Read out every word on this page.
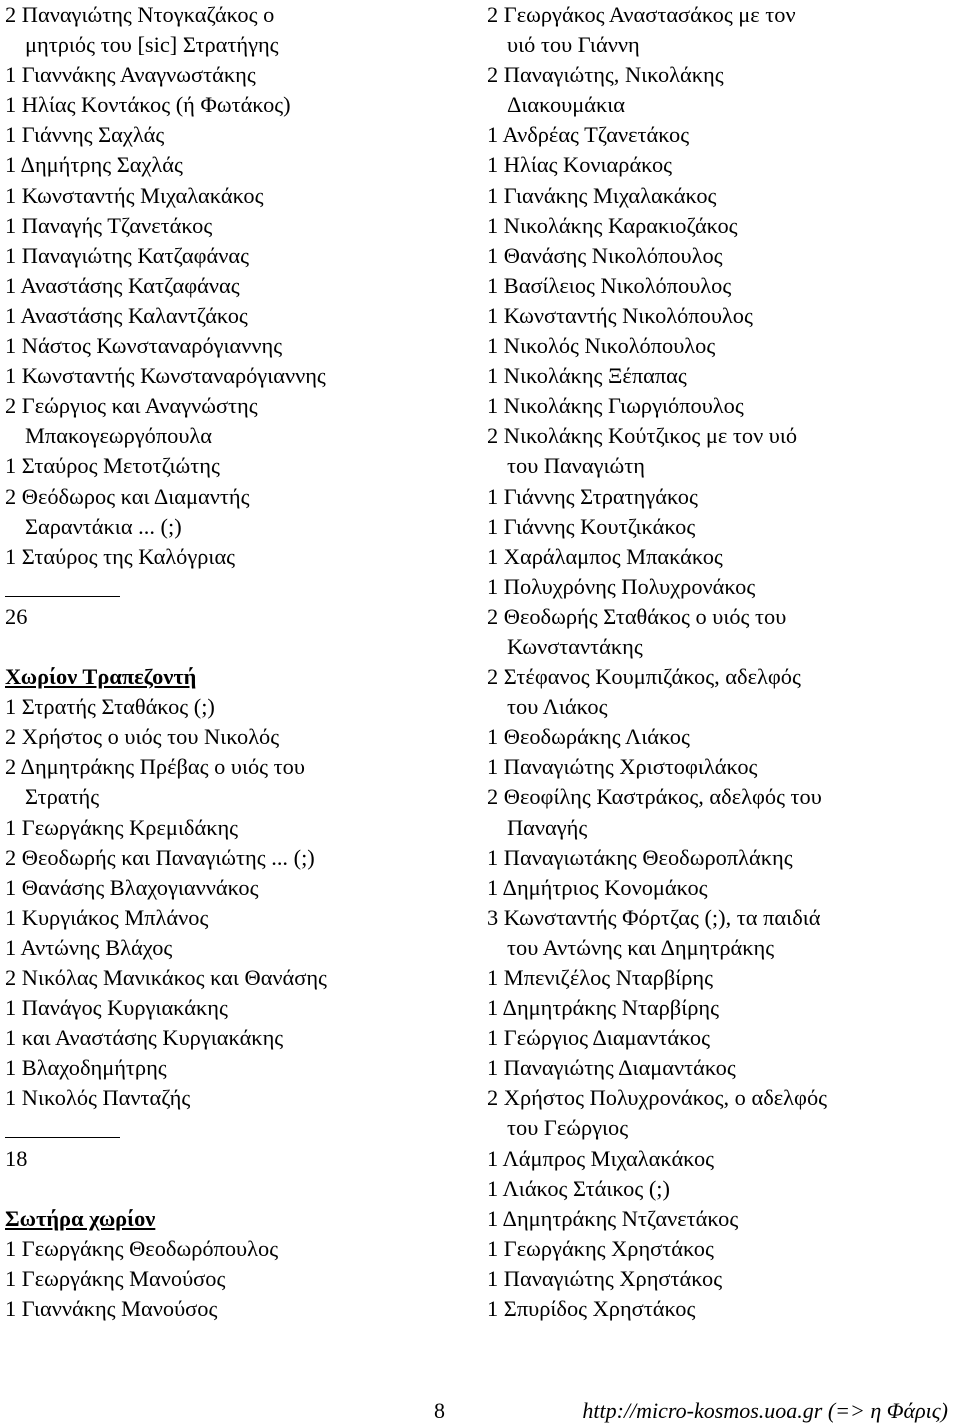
2 Παναγιώτης Ντογκαζάκος ο
μητριός του [sic] Στρατήγης
1 Γιαννάκης Αναγνωστάκης
1 Ηλίας Κοντάκος (ή Φωτάκος)
1 Γιάννης Σαχλάς
1 Δημήτρης Σαχλάς
1 Κωνσταντής Μιχαλακάκος
1 Παναγής Τζανετάκος
1 Παναγιώτης Κατζαφάνας
1 Αναστάσης Κατζαφάνας
1 Αναστάσης Καλαντζάκος
1 Νάστος Κωνσταναρόγιαννης
1 Κωνσταντής Κωνσταναρόγιαννης
2 Γεώργιος και Αναγνώστης
Μπακογεωργόπουλα
1 Σταύρος Μετοτζιώτης
2 Θεόδωρος και Διαμαντής
Σαραντάκια ... (;)
1 Σταύρος της Καλόγριας
26
Χωρίον Τραπεζοντή
1 Στρατής Σταθάκος (;)
2 Χρήστος ο υιός του Νικολός
2 Δημητράκης Πρέβας ο υιός του
Στρατής
1 Γεωργάκης Κρεμιδάκης
2 Θεοδωρής και Παναγιώτης ... (;)
1 Θανάσης Βλαχογιαννάκος
1 Κυργιάκος Μπλάνος
1 Αντώνης Βλάχος
2 Νικόλας Μανικάκος και Θανάσης
1 Πανάγος Κυργιακάκης
1 και Αναστάσης Κυργιακάκης
1 Βλαχοδημήτρης
1 Νικολός Πανταζής
18
Σωτήρα χωρίον
1 Γεωργάκης Θεοδωρόπουλος
1 Γεωργάκης Μανούσος
1 Γιαννάκης Μανούσος
2 Γεωργάκος Αναστασάκος με τον
υιό του Γιάννη
2 Παναγιώτης, Νικολάκης
Διακουμάκια
1 Ανδρέας Τζανετάκος
1 Ηλίας Κονιαράκος
1 Γιανάκης Μιχαλακάκος
1 Νικολάκης Καρακιοζάκος
1 Θανάσης Νικολόπουλος
1 Βασίλειος Νικολόπουλος
1 Κωνσταντής Νικολόπουλος
1 Νικολός Νικολόπουλος
1 Νικολάκης Ξέπαπας
1 Νικολάκης Γιωργιόπουλος
2 Νικολάκης Κούτζικος με τον υιό
του Παναγιώτη
1 Γιάννης Στρατηγάκος
1 Γιάννης Κουτζικάκος
1 Χαράλαμπος Μπακάκος
1 Πολυχρόνης Πολυχρονάκος
2 Θεοδωρής Σταθάκος ο υιός του
Κωνσταντάκης
2 Στέφανος Κουμπιζάκος, αδελφός
του Λιάκος
1 Θεοδωράκης Λιάκος
1 Παναγιώτης Χριστοφιλάκος
2 Θεοφίλης Καστράκος, αδελφός του
Παναγής
1 Παναγιωτάκης Θεοδωροπλάκης
1 Δημήτριος Κονομάκος
3 Κωνσταντής Φόρτζας (;), τα παιδιά
του Αντώνης και Δημητράκης
1 Μπενιζέλος Νταρβίρης
1 Δημητράκης Νταρβίρης
1 Γεώργιος Διαμαντάκος
1 Παναγιώτης Διαμαντάκος
2 Χρήστος Πολυχρονάκος, ο αδελφός
του Γεώργιος
1 Λάμπρος Μιχαλακάκος
1 Λιάκος Στάικος (;)
1 Δημητράκης Ντζανετάκος
1 Γεωργάκης Χρηστάκος
1 Παναγιώτης Χρηστάκος
1 Σπυρίδος Χρηστάκος
8	http://micro-kosmos.uoa.gr (=> η Φάρις)
